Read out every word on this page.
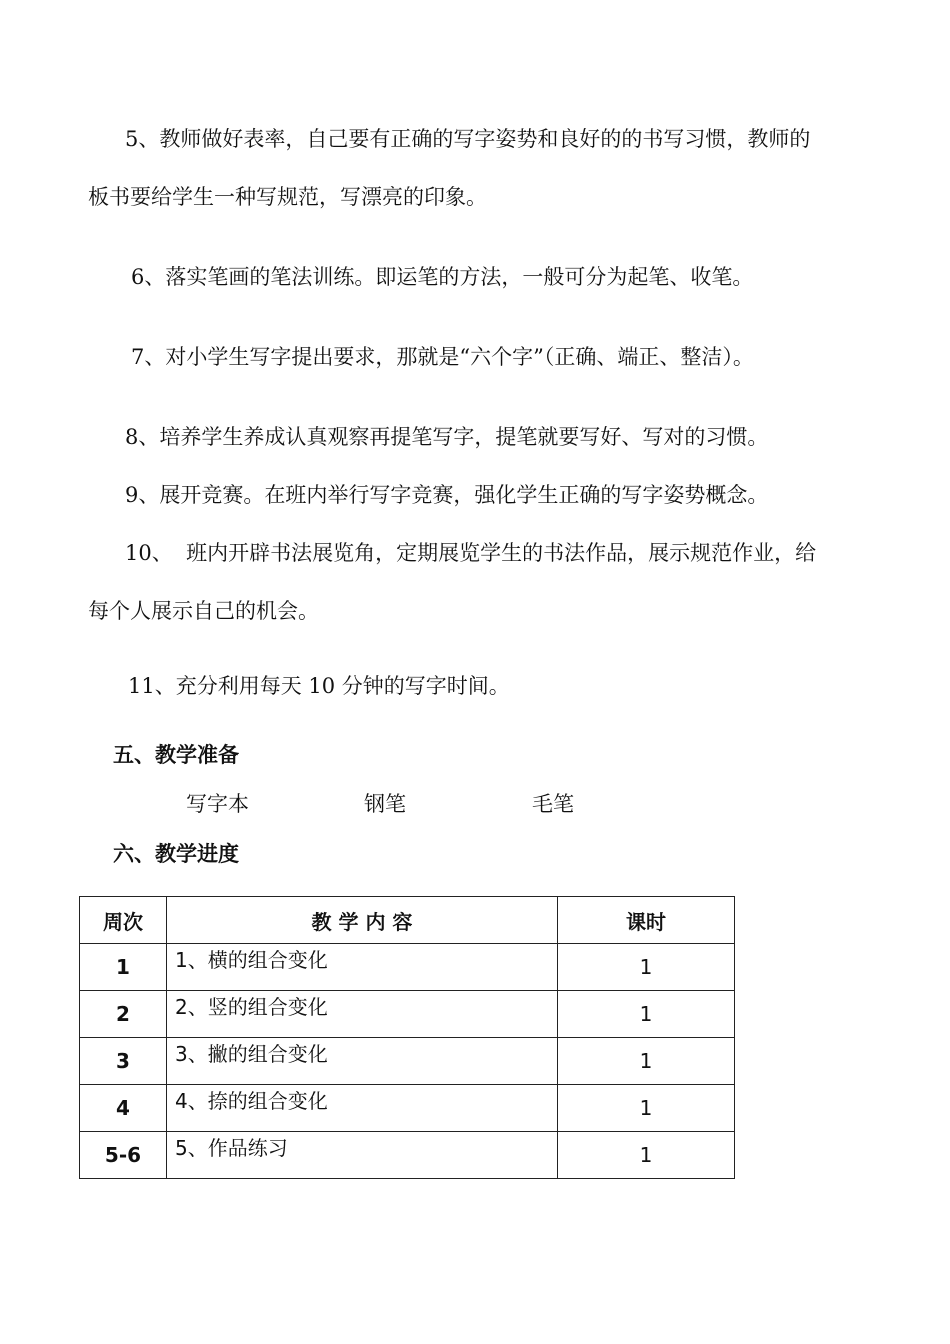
5、教师做好表率，自己要有正确的写字姿势和良好的的书写习惯，教师的
板书要给学生一种写规范，写漂亮的印象。
6、落实笔画的笔法训练。即运笔的方法，一般可分为起笔、收笔。
7、对小学生写字提出要求，那就是“六个字”（正确、端正、整洁）。
8、培养学生养成认真观察再提笔写字，提笔就要写好、写对的习惯。
9、展开竞赛。在班内举行写字竞赛，强化学生正确的写字姿势概念。
10、  班内开辟书法展览角，定期展览学生的书法作品，展示规范作业，给
每个人展示自己的机会。
11、充分利用每天 10 分钟的写字时间。
五、教学准备
写字本	钢笔	毛笔
六、教学进度
周次	教 学 内 容	课时
1	1、横的组合变化	1
2	2、竖的组合变化	1
3	3、撇的组合变化	1
4	4、捺的组合变化	1
5-6	5、作品练习	1
